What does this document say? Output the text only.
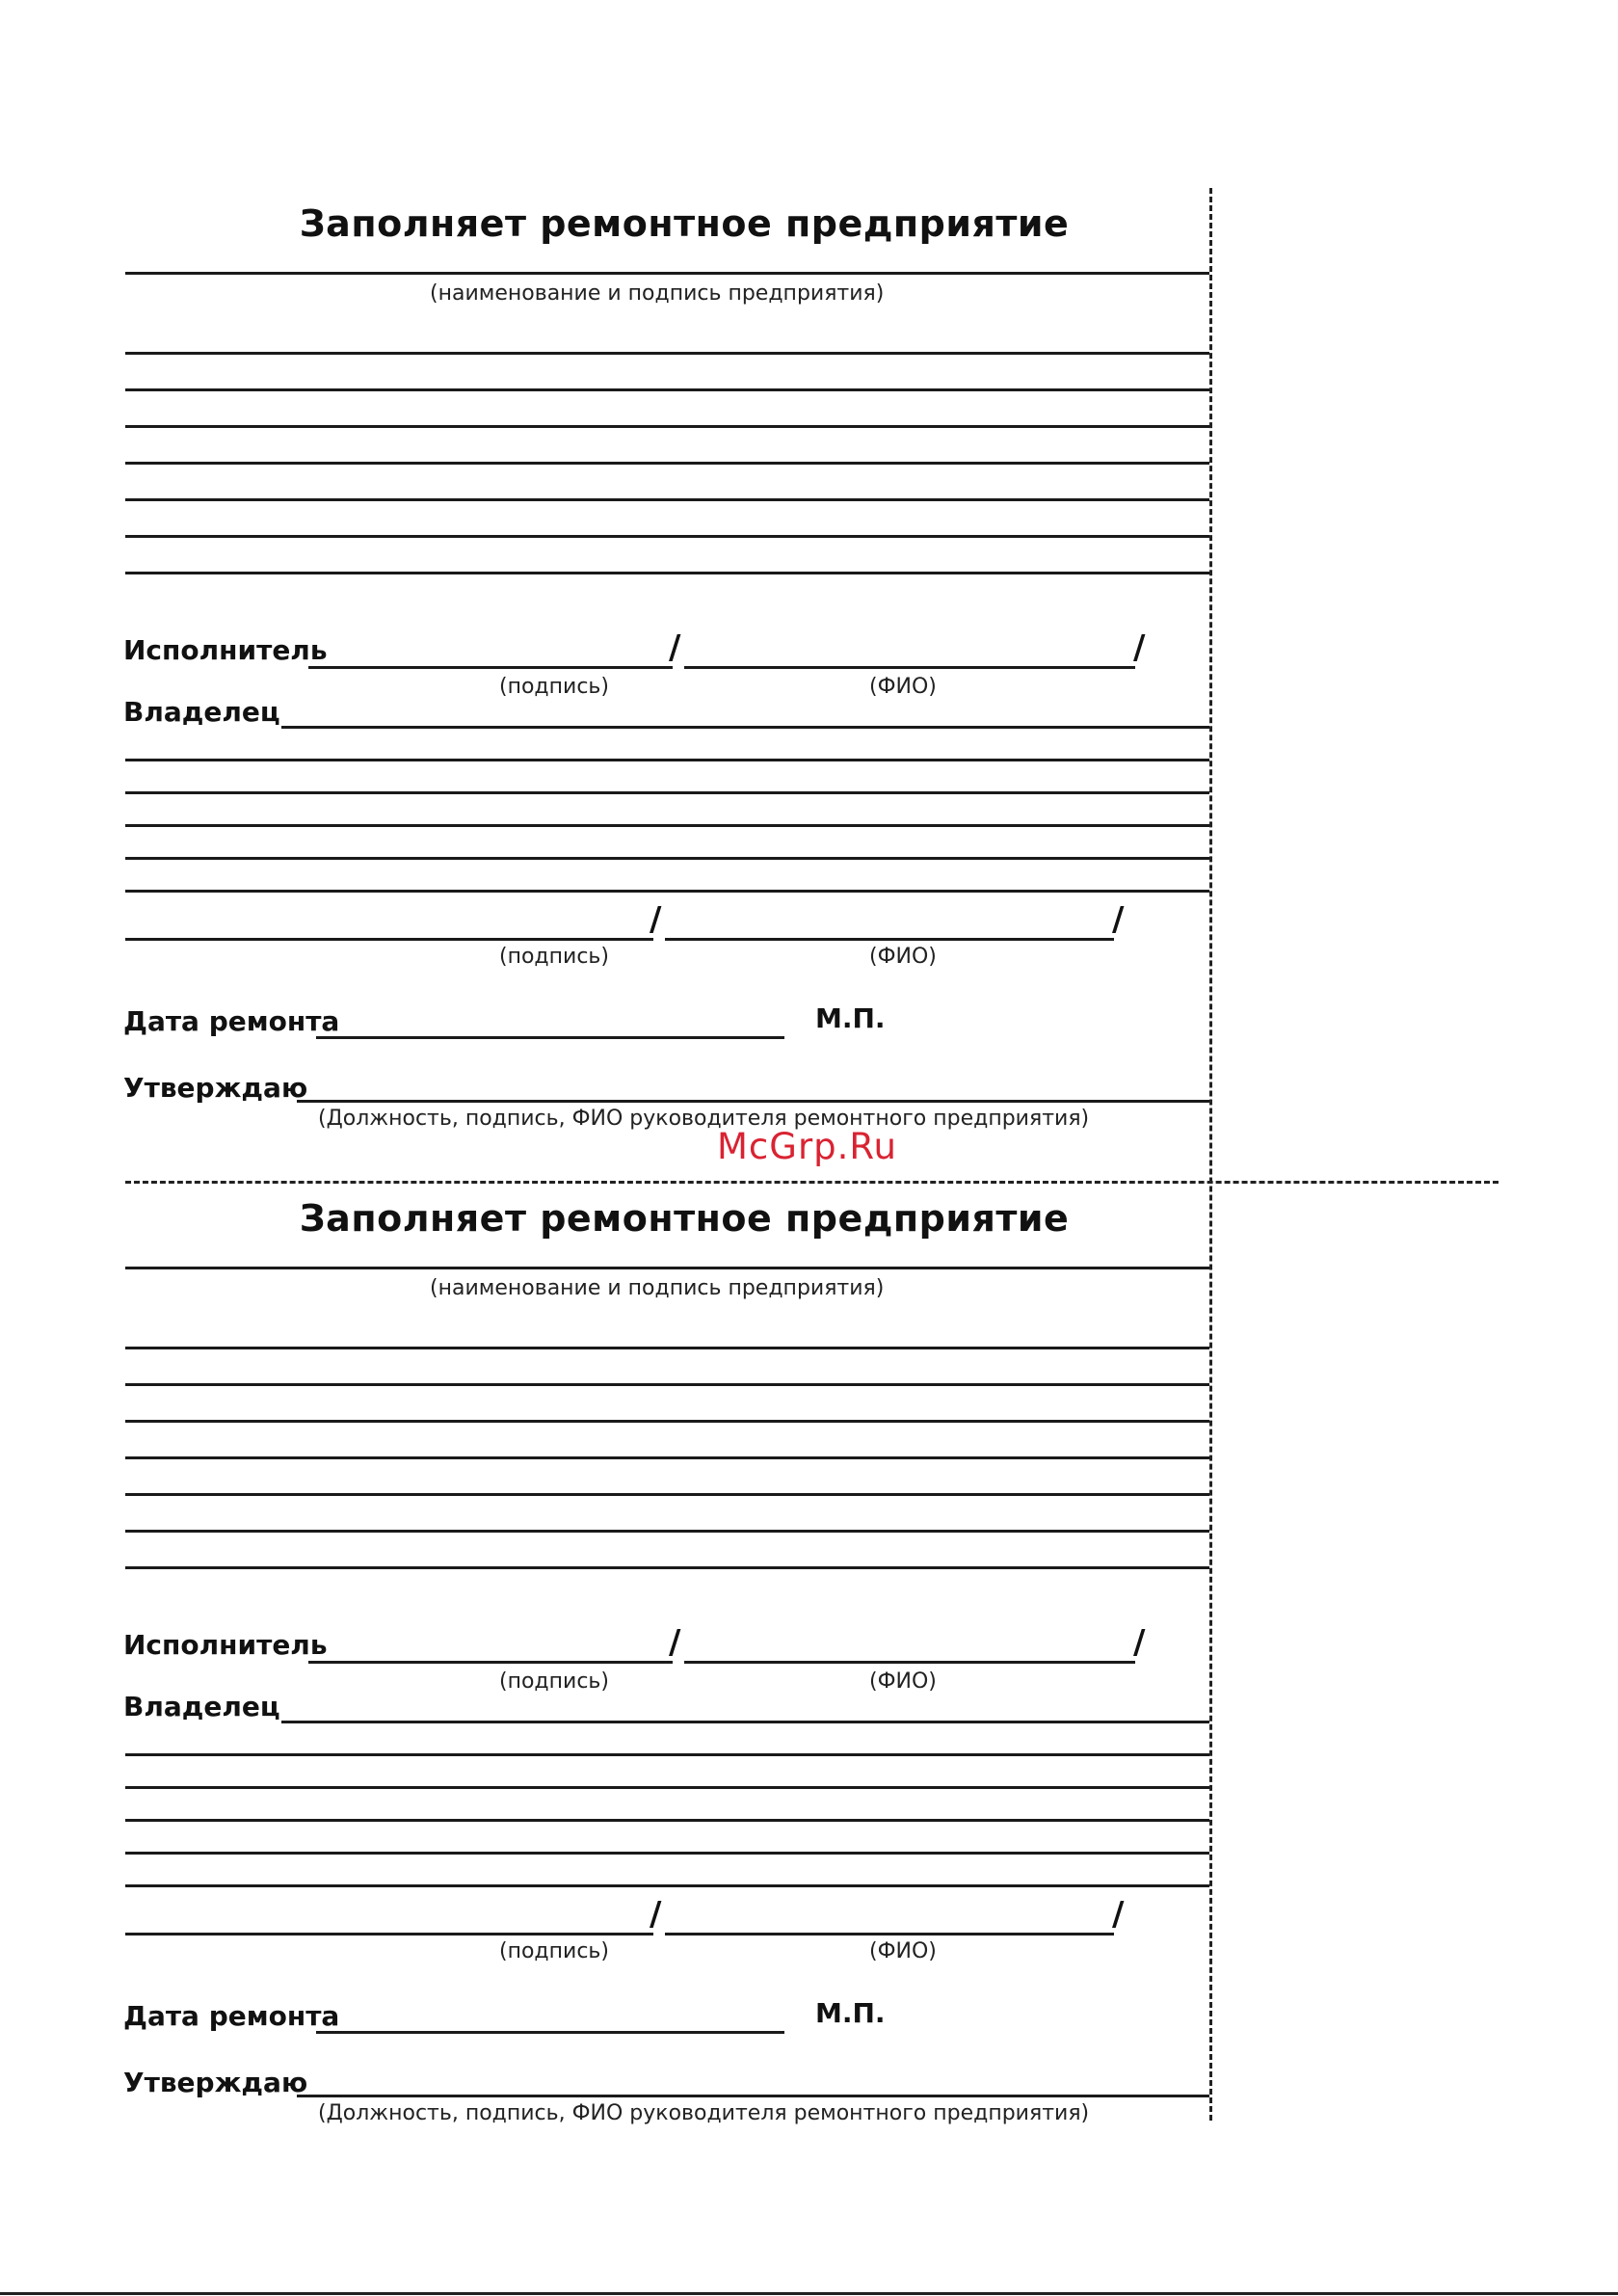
McGrp.Ru
Заполняет ремонтное предприятие
(наименование и подпись предприятия)
Исполнитель	/	/
(подпись)	(ФИО)
Владелец
/	/
(подпись)	(ФИО)
Дата ремонта	М.П.
Утверждаю
(Должность, подпись, ФИО руководителя ремонтного предприятия)
Заполняет ремонтное предприятие
(наименование и подпись предприятия)
Исполнитель	/	/
(подпись)	(ФИО)
Владелец
/	/
(подпись)	(ФИО)
Дата ремонта	М.П.
Утверждаю
(Должность, подпись, ФИО руководителя ремонтного предприятия)
